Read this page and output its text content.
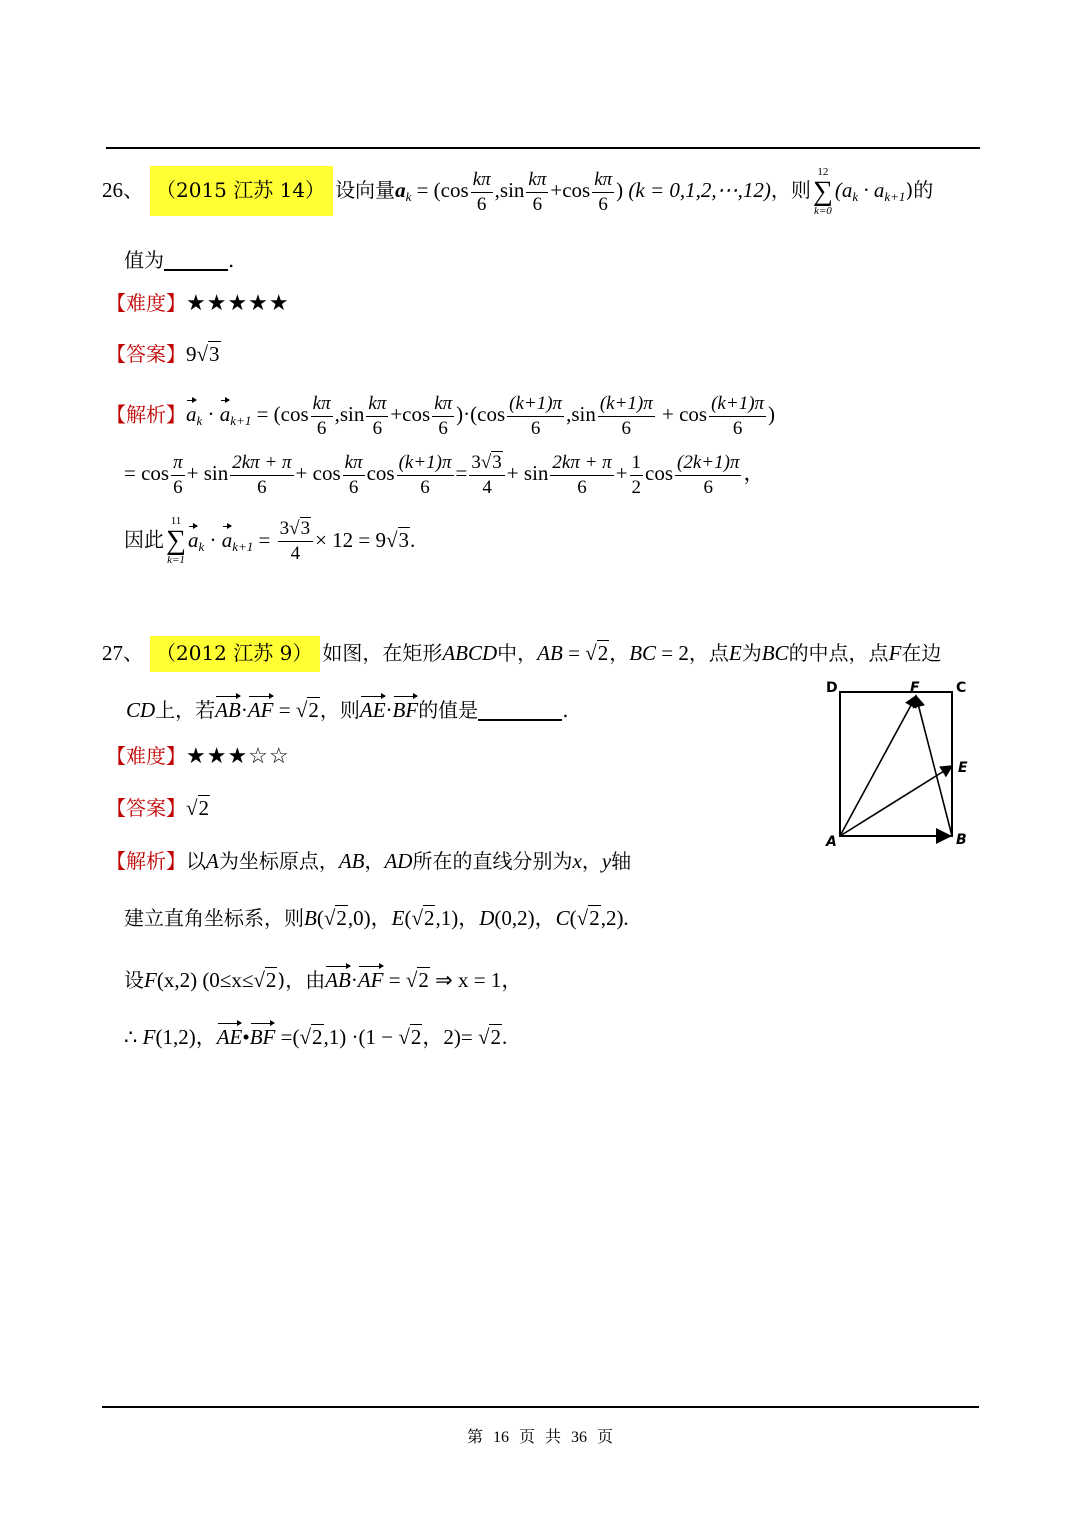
26、 （2015 江苏 14） 设向量$a_k = (\cos \frac{k\pi}{6} ,\sin \frac{k\pi}{6} +\cos \frac{k\pi}{6}$ ) (k = 0,1,2,⋯,12)，则
12
∑
k=0
$(a_k \cdot a_{k+1})$的
值为	.
【难度】★★★★★
【答案】9√3
【解析】$a_k \cdot a_{k+1} = (\cos \frac{k\pi}{6} ,\sin \frac{k\pi}{6} +\cos \frac{k\pi}{6} )\cdot(\cos \frac{(k+1)\pi}{6} ,\sin \frac{(k+1)\pi}{6} + \cos \frac{(k+1)\pi}{6}$ )
= $\cos \frac{\pi}{6} + \sin \frac{2k\pi + \pi}{6} + \cos \frac{k\pi}{6}$ $\cos \frac{(k+1)\pi}{6} = \frac{3√3}{4} + \sin \frac{2k\pi + \pi}{6} + \frac{1}{2}$ $\cos \frac{(2k+1)\pi}{6}$ ，
因此
11
∑
k=1
$a_k \cdot a_{k+1} = \frac{3√3}{4} \times 12 = 9√3$.
27、 （2012 江苏 9） 如图，在矩形ABCD中，AB = √2，BC = 2，点E为BC的中点，点F在边
CD上，若AB·AF = √2，则AE·BF的值是	.
【难度】★★★☆☆
【答案】√2
【解析】以A为坐标原点，AB，AD所在的直线分别为x，y轴
建立直角坐标系，则B(√2,0)，E(√2,1)，D(0,2)，C(√2,2).
设F(x,2) (0≤x≤√2)，由AB·AF = √2 ⇒ x = 1，
∴ F(1,2)，AE•BF =(√2,1) ·(1 − √2，2)= √2.
D	F	C
E
A	B
第 16 页 共 36 页
